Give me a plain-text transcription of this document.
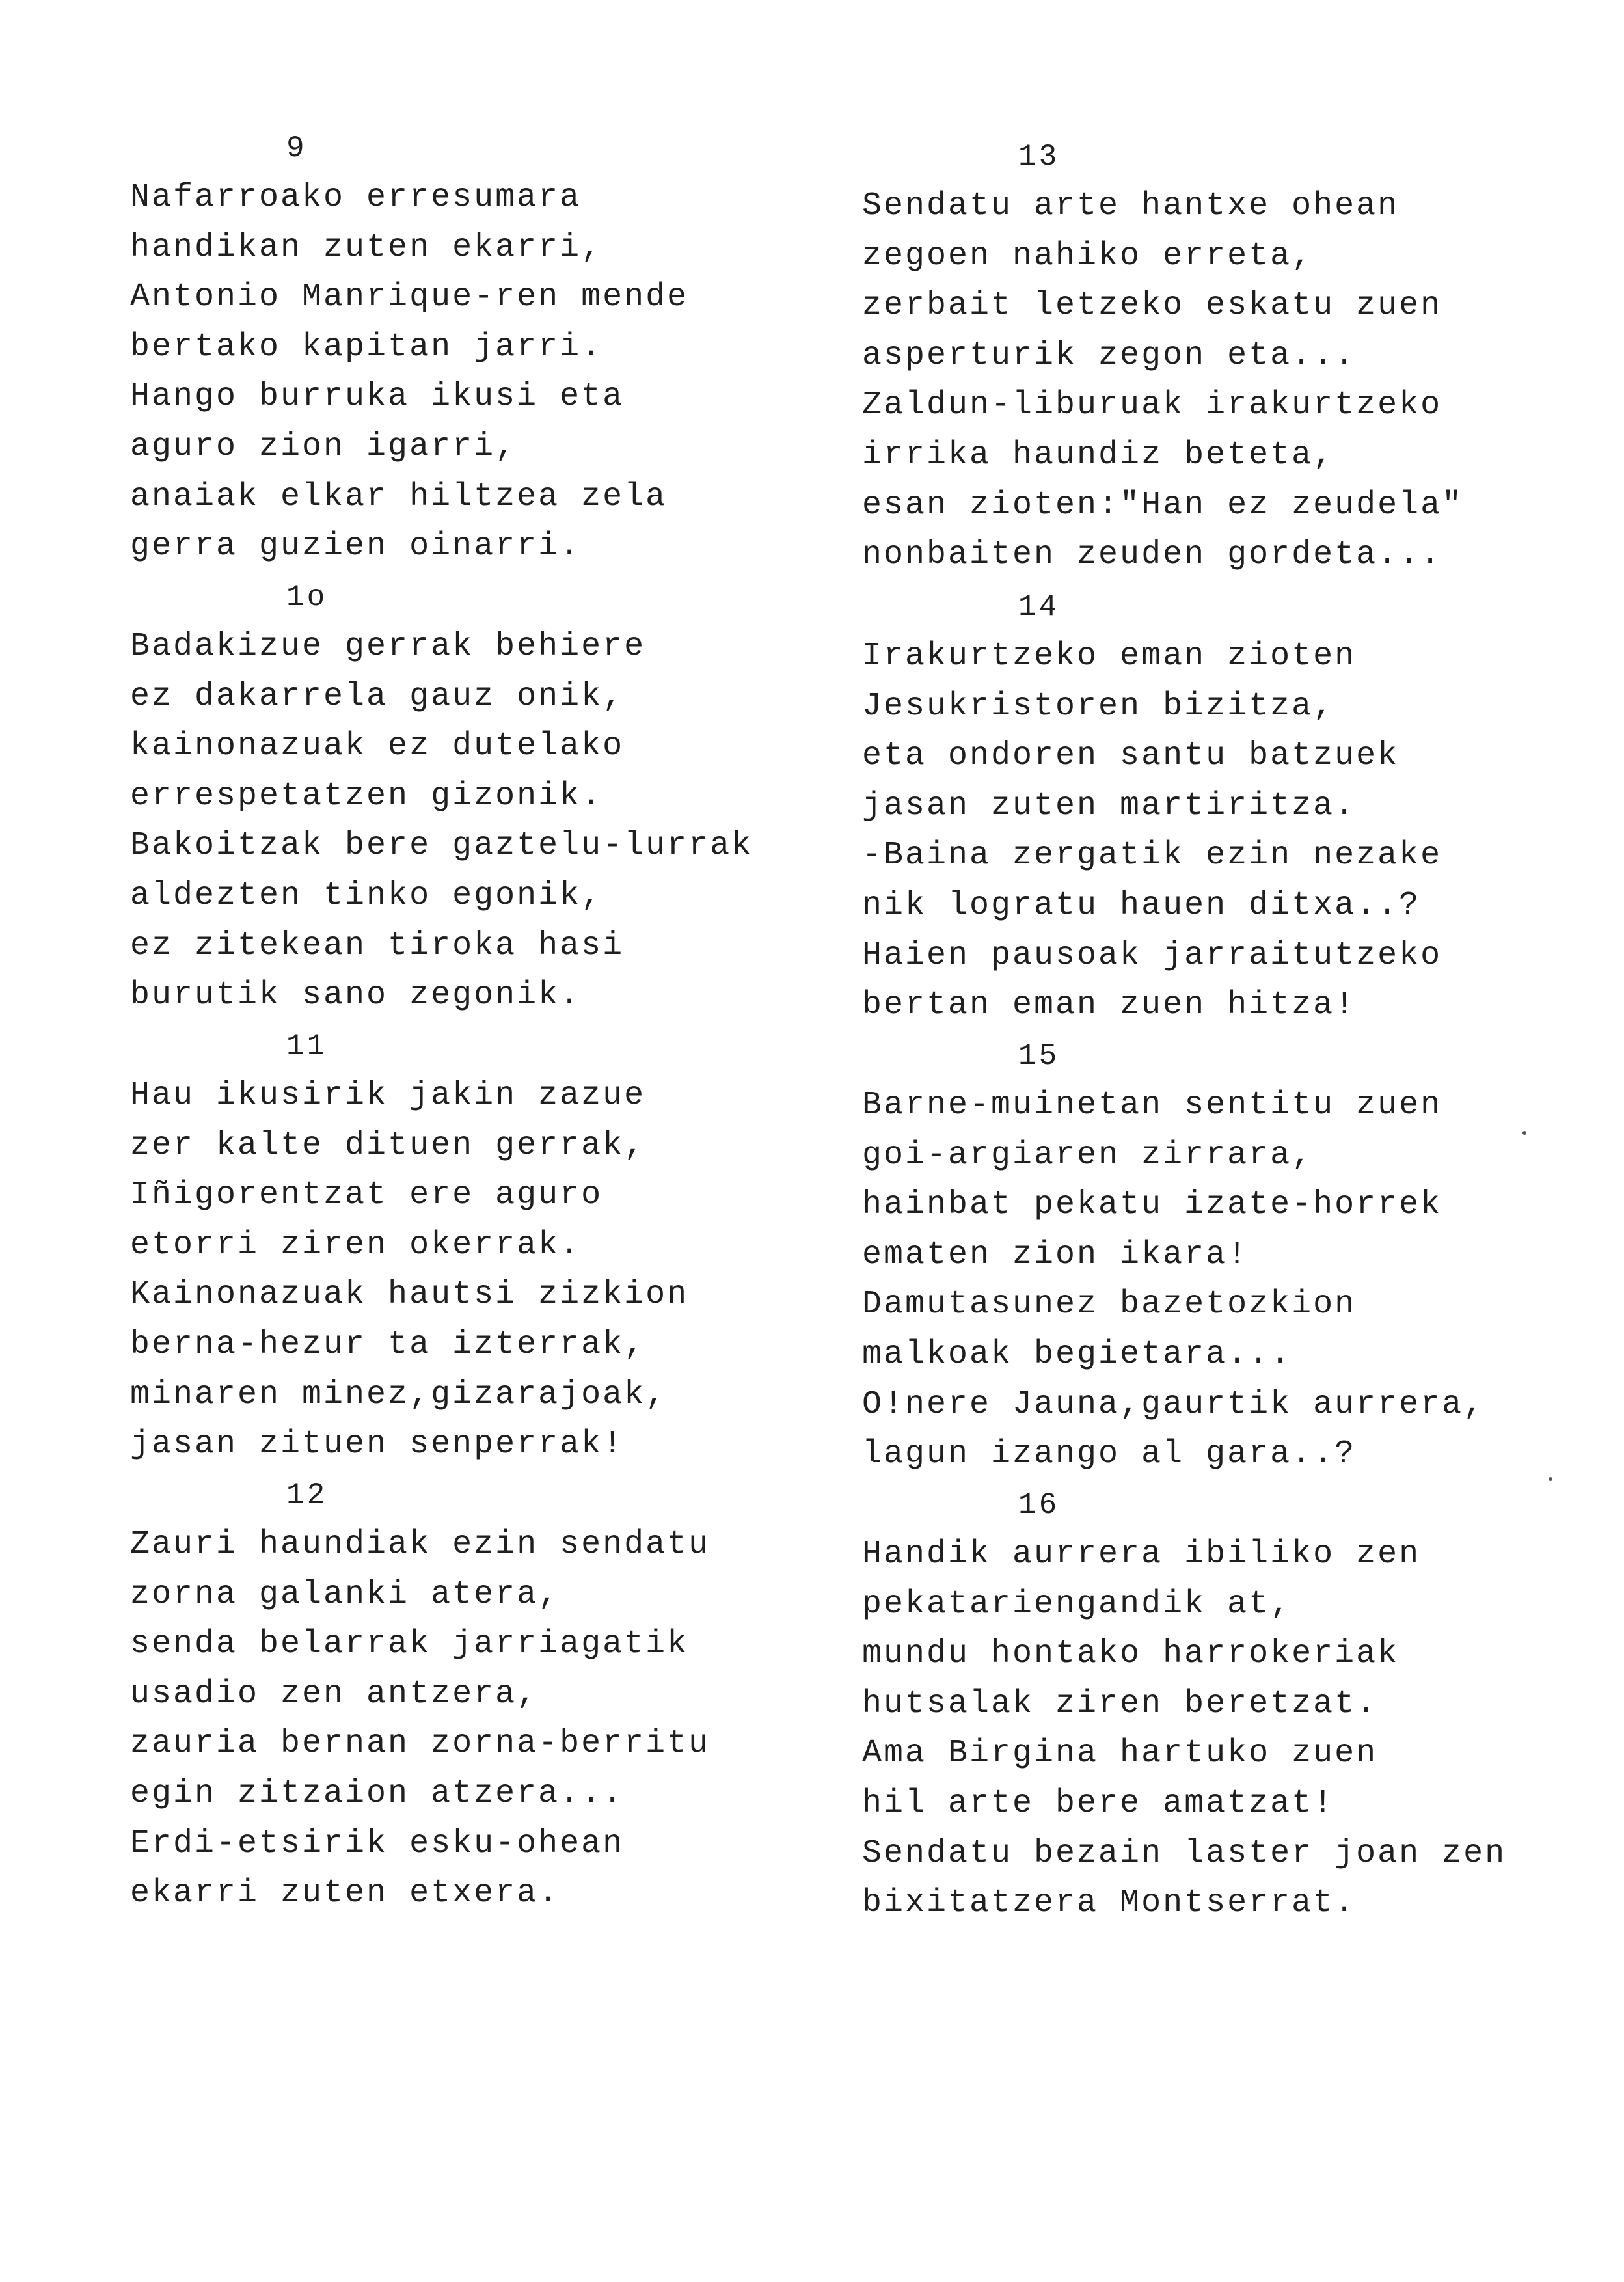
9
Nafarroako erresumara
handikan zuten ekarri,
Antonio Manrique-ren mende
bertako kapitan jarri.
Hango burruka ikusi eta
aguro zion igarri,
anaiak elkar hiltzea zela
gerra guzien oinarri.
1o
Badakizue gerrak behiere
ez dakarrela gauz onik,
kainonazuak ez dutelako
errespetatzen gizonik.
Bakoitzak bere gaztelu-lurrak
aldezten tinko egonik,
ez zitekean tiroka hasi
burutik sano zegonik.
11
Hau ikusirik jakin zazue
zer kalte dituen gerrak,
Iñigorentzat ere aguro
etorri ziren okerrak.
Kainonazuak hautsi zizkion
berna-hezur ta izterrak,
minaren minez,gizarajoak,
jasan zituen senperrak!
12
Zauri haundiak ezin sendatu
zorna galanki atera,
senda belarrak jarriagatik
usadio zen antzera,
zauria bernan zorna-berritu
egin zitzaion atzera...
Erdi-etsirik esku-ohean
ekarri zuten etxera.
13
Sendatu arte hantxe ohean
zegoen nahiko erreta,
zerbait letzeko eskatu zuen
asperturik zegon eta...
Zaldun-liburuak irakurtzeko
irrika haundiz beteta,
esan zioten:"Han ez zeudela"
nonbaiten zeuden gordeta...
14
Irakurtzeko eman zioten
Jesukristoren bizitza,
eta ondoren santu batzuek
jasan zuten martiritza.
-Baina zergatik ezin nezake
nik logratu hauen ditxa..?
Haien pausoak jarraitutzeko
bertan eman zuen hitza!
15
Barne-muinetan sentitu zuen
goi-argiaren zirrara,
hainbat pekatu izate-horrek
ematen zion ikara!
Damutasunez bazetozkion
malkoak begietara...
O!nere Jauna,gaurtik aurrera,
lagun izango al gara..?
16
Handik aurrera ibiliko zen
pekatariengandik at,
mundu hontako harrokeriak
hutsalak ziren beretzat.
Ama Birgina hartuko zuen
hil arte bere amatzat!
Sendatu bezain laster joan zen
bixitatzera Montserrat.
